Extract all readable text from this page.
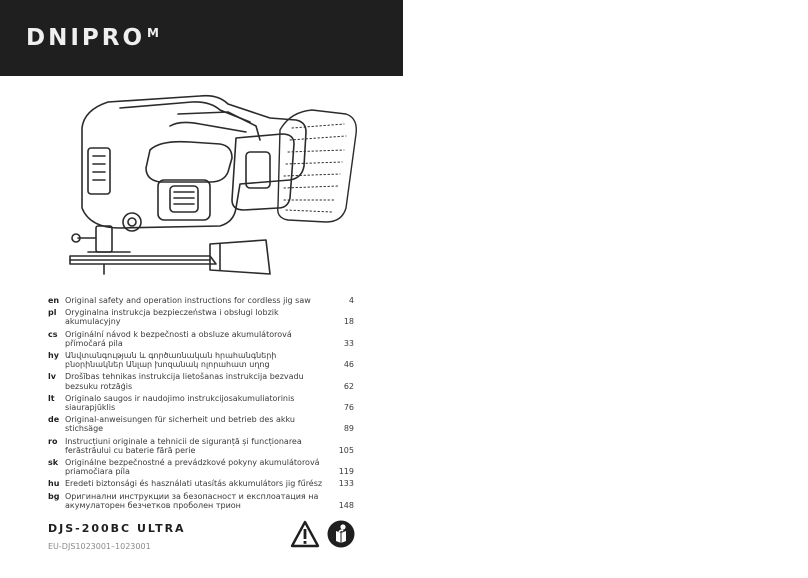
DNIPRO $^M$
en Original safety and operation instructions for cordless jig saw	4
pl	Oryginalna instrukcja bezpieczeństwa i obsługi lobzik akumulacyjny	18
cs Originální návod k bezpečnosti a obsluze akumulátorová přímočará pila	33
hy Անվտանգության և գործառնական հրահանգների բնօրինակներ Անլար խոզանակ ոլորահատ սղոց	46
lv	Drošības tehnikas instrukcija lietošanas instrukcija bezvadu bezsuku rotzāģis	62
lt	Originalo saugos ir naudojimo instrukcijosakumuliatorinis siaurapjūklis	76
de Original-anweisungen für sicherheit und betrieb des akku stichsäge	89
ro Instrucțiuni originale a tehnicii de siguranță și funcționarea ferăstrăului cu baterie fără perie	105
sk Originálne bezpečnostné a prevádzkové pokyny akumulátorová priamočiara píla	119
hu Eredeti biztonsági és használati utasítás akkumulátors jig fűrész	133
bg Оригинални инструкции за безопасност и експлоатация на акумулаторен безчетков проболен трион	148
DJS-200BC ULTRA
EU-DJS1023001–1023001
